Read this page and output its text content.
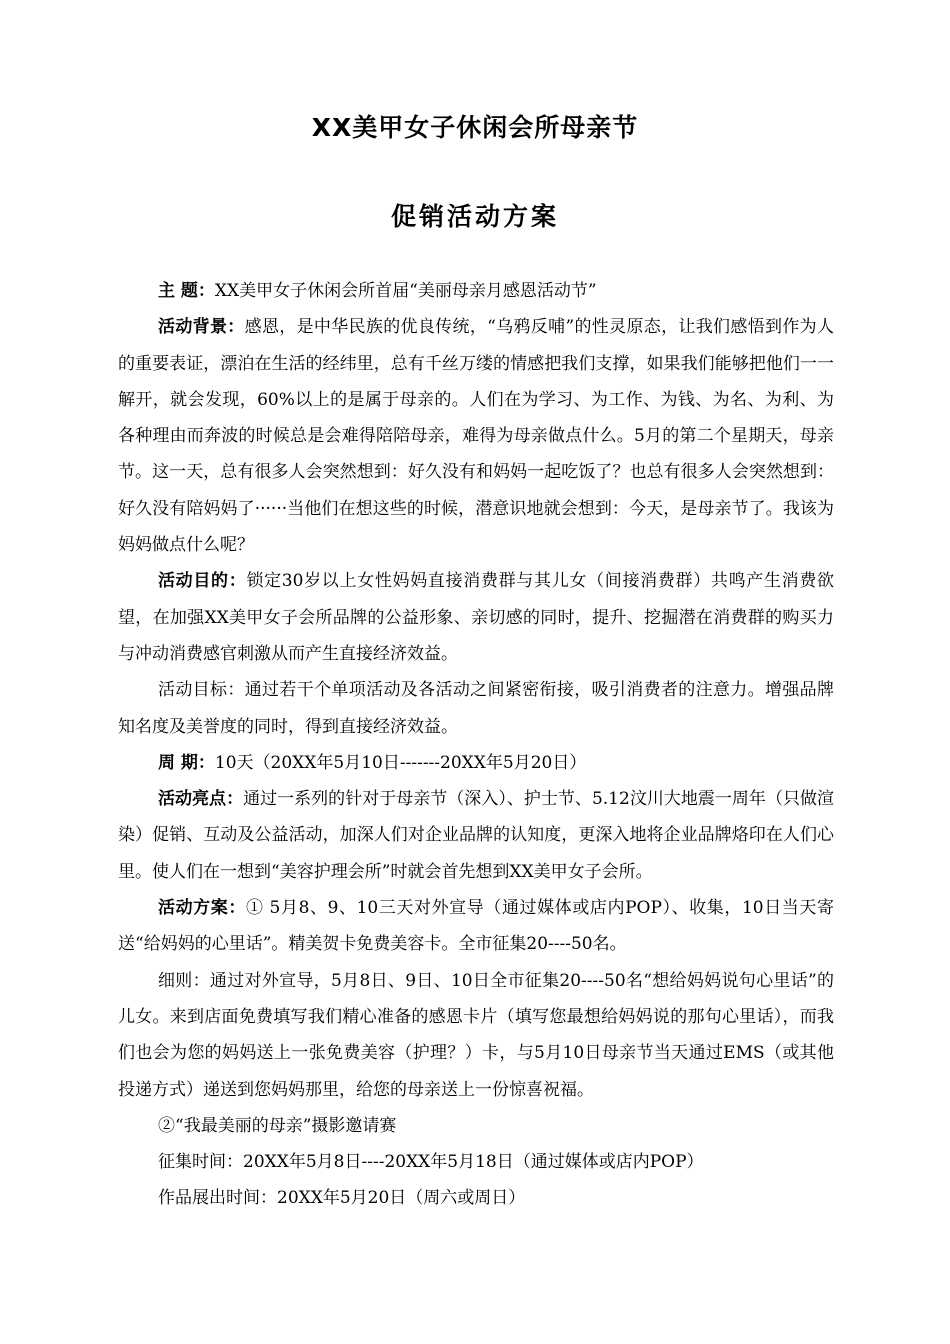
XX美甲女子休闲会所母亲节
促销活动方案

主 题：XX美甲女子休闲会所首届“美丽母亲月感恩活动节”

活动背景：感恩，是中华民族的优良传统，“乌鸦反哺”的性灵原态，让我们感悟到作为人的重要表证，漂泊在生活的经纬里，总有千丝万缕的情感把我们支撑，如果我们能够把他们一一解开，就会发现，60%以上的是属于母亲的。人们在为学习、为工作、为钱、为名、为利、为各种理由而奔波的时候总是会难得陪陪母亲，难得为母亲做点什么。5月的第二个星期天，母亲节。这一天，总有很多人会突然想到：好久没有和妈妈一起吃饭了？也总有很多人会突然想到：好久没有陪妈妈了······当他们在想这些的时候，潜意识地就会想到：今天，是母亲节了。我该为妈妈做点什么呢？

活动目的：锁定30岁以上女性妈妈直接消费群与其儿女（间接消费群）共鸣产生消费欲望，在加强XX美甲女子会所品牌的公益形象、亲切感的同时，提升、挖掘潜在消费群的购买力与冲动消费感官刺激从而产生直接经济效益。

活动目标：通过若干个单项活动及各活动之间紧密衔接，吸引消费者的注意力。增强品牌知名度及美誉度的同时，得到直接经济效益。

周 期：10天（20XX年5月10日-------20XX年5月20日）

活动亮点：通过一系列的针对于母亲节（深入）、护士节、5.12汶川大地震一周年（只做渲染）促销、互动及公益活动，加深人们对企业品牌的认知度，更深入地将企业品牌烙印在人们心里。使人们在一想到“美容护理会所”时就会首先想到XX美甲女子会所。

活动方案：① 5月8、9、10三天对外宣导（通过媒体或店内POP）、收集，10日当天寄送“给妈妈的心里话”。精美贺卡免费美容卡。全市征集20----50名。

细则：通过对外宣导，5月8日、9日、10日全市征集20----50名“想给妈妈说句心里话”的儿女。来到店面免费填写我们精心准备的感恩卡片（填写您最想给妈妈说的那句心里话），而我们也会为您的妈妈送上一张免费美容（护理？）卡，与5月10日母亲节当天通过EMS（或其他投递方式）递送到您妈妈那里，给您的母亲送上一份惊喜祝福。

②“我最美丽的母亲”摄影邀请赛

征集时间：20XX年5月8日----20XX年5月18日（通过媒体或店内POP）

作品展出时间：20XX年5月20日（周六或周日）
